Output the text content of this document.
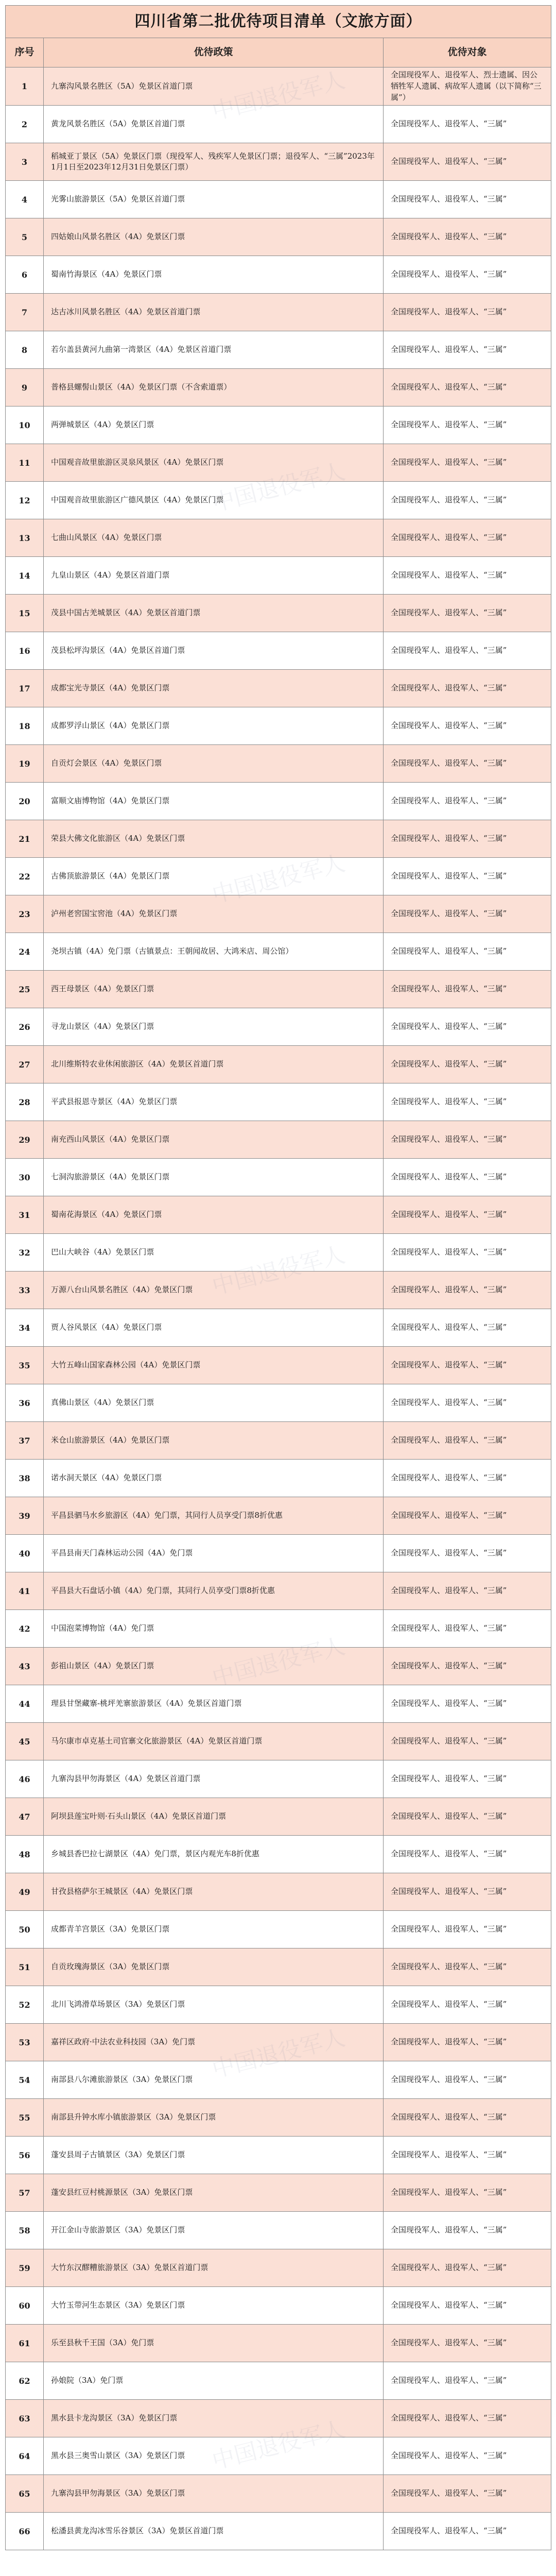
四川省第二批优待项目清单（文旅方面）		
序号	优待政策	优待对象
1	九寨沟风景名胜区（5A）免景区首道门票	全国现役军人、退役军人、烈士遗属、因公牺牲军人遗属、病故军人遗属（以下简称“三属”）
2	黄龙风景名胜区（5A）免景区首道门票	全国现役军人、退役军人、“三属”
3	稻城亚丁景区（5A）免景区门票（现役军人、残疾军人免景区门票；退役军人、“三属”2023年1月1日至2023年12月31日免景区门票）	全国现役军人、退役军人、“三属”
4	光雾山旅游景区（5A）免景区首道门票	全国现役军人、退役军人、“三属”
5	四姑娘山风景名胜区（4A）免景区门票	全国现役军人、退役军人、“三属”
6	蜀南竹海景区（4A）免景区门票	全国现役军人、退役军人、“三属”
7	达古冰川风景名胜区（4A）免景区首道门票	全国现役军人、退役军人、“三属”
8	若尔盖县黄河九曲第一湾景区（4A）免景区首道门票	全国现役军人、退役军人、“三属”
9	普格县螺髻山景区（4A）免景区门票（不含索道票）	全国现役军人、退役军人、“三属”
10	两弹城景区（4A）免景区门票	全国现役军人、退役军人、“三属”
11	中国观音故里旅游区灵泉风景区（4A）免景区门票	全国现役军人、退役军人、“三属”
12	中国观音故里旅游区广德风景区（4A）免景区门票	全国现役军人、退役军人、“三属”
13	七曲山风景区（4A）免景区门票	全国现役军人、退役军人、“三属”
14	九皇山景区（4A）免景区首道门票	全国现役军人、退役军人、“三属”
15	茂县中国古羌城景区（4A）免景区首道门票	全国现役军人、退役军人、“三属”
16	茂县松坪沟景区（4A）免景区首道门票	全国现役军人、退役军人、“三属”
17	成都宝光寺景区（4A）免景区门票	全国现役军人、退役军人、“三属”
18	成都罗浮山景区（4A）免景区门票	全国现役军人、退役军人、“三属”
19	自贡灯会景区（4A）免景区门票	全国现役军人、退役军人、“三属”
20	富顺文庙博物馆（4A）免景区门票	全国现役军人、退役军人、“三属”
21	荣县大佛文化旅游区（4A）免景区门票	全国现役军人、退役军人、“三属”
22	古佛顶旅游景区（4A）免景区门票	全国现役军人、退役军人、“三属”
23	泸州老窖国宝窖池（4A）免景区门票	全国现役军人、退役军人、“三属”
24	尧坝古镇（4A）免门票（古镇景点：王朝闻故居、大鸿米店、周公馆）	全国现役军人、退役军人、“三属”
25	西王母景区（4A）免景区门票	全国现役军人、退役军人、“三属”
26	寻龙山景区（4A）免景区门票	全国现役军人、退役军人、“三属”
27	北川维斯特农业休闲旅游区（4A）免景区首道门票	全国现役军人、退役军人、“三属”
28	平武县报恩寺景区（4A）免景区门票	全国现役军人、退役军人、“三属”
29	南充西山风景区（4A）免景区门票	全国现役军人、退役军人、“三属”
30	七洞沟旅游景区（4A）免景区门票	全国现役军人、退役军人、“三属”
31	蜀南花海景区（4A）免景区门票	全国现役军人、退役军人、“三属”
32	巴山大峡谷（4A）免景区门票	全国现役军人、退役军人、“三属”
33	万源八台山风景名胜区（4A）免景区门票	全国现役军人、退役军人、“三属”
34	贾人谷风景区（4A）免景区门票	全国现役军人、退役军人、“三属”
35	大竹五峰山国家森林公园（4A）免景区门票	全国现役军人、退役军人、“三属”
36	真佛山景区（4A）免景区门票	全国现役军人、退役军人、“三属”
37	米仓山旅游景区（4A）免景区门票	全国现役军人、退役军人、“三属”
38	诺水洞天景区（4A）免景区门票	全国现役军人、退役军人、“三属”
39	平昌县驷马水乡旅游区（4A）免门票，其同行人员享受门票8折优惠	全国现役军人、退役军人、“三属”
40	平昌县南天门森林运动公园（4A）免门票	全国现役军人、退役军人、“三属”
41	平昌县大石盘话小镇（4A）免门票，其同行人员享受门票8折优惠	全国现役军人、退役军人、“三属”
42	中国泡菜博物馆（4A）免门票	全国现役军人、退役军人、“三属”
43	彭祖山景区（4A）免景区门票	全国现役军人、退役军人、“三属”
44	理县甘堡藏寨-桃坪羌寨旅游景区（4A）免景区首道门票	全国现役军人、退役军人、“三属”
45	马尔康市卓克基土司官寨文化旅游景区（4A）免景区首道门票	全国现役军人、退役军人、“三属”
46	九寨沟县甲勿海景区（4A）免景区首道门票	全国现役军人、退役军人、“三属”
47	阿坝县莲宝叶则·石头山景区（4A）免景区首道门票	全国现役军人、退役军人、“三属”
48	乡城县香巴拉七湖景区（4A）免门票，景区内观光车8折优惠	全国现役军人、退役军人、“三属”
49	甘孜县格萨尔王城景区（4A）免景区门票	全国现役军人、退役军人、“三属”
50	成都青羊宫景区（3A）免景区门票	全国现役军人、退役军人、“三属”
51	自贡玫瑰海景区（3A）免景区门票	全国现役军人、退役军人、“三属”
52	北川飞鸿滑草场景区（3A）免景区门票	全国现役军人、退役军人、“三属”
53	嘉祥区政府·中法农业科技园（3A）免门票	全国现役军人、退役军人、“三属”
54	南部县八尔滩旅游景区（3A）免景区门票	全国现役军人、退役军人、“三属”
55	南部县升钟水库小镇旅游景区（3A）免景区门票	全国现役军人、退役军人、“三属”
56	蓬安县周子古镇景区（3A）免景区门票	全国现役军人、退役军人、“三属”
57	蓬安县红豆村桃源景区（3A）免景区门票	全国现役军人、退役军人、“三属”
58	开江金山寺旅游景区（3A）免景区门票	全国现役军人、退役军人、“三属”
59	大竹东汉醪糟旅游景区（3A）免景区首道门票	全国现役军人、退役军人、“三属”
60	大竹玉带河生态景区（3A）免景区门票	全国现役军人、退役军人、“三属”
61	乐至县秋千王国（3A）免门票	全国现役军人、退役军人、“三属”
62	孙娘院（3A）免门票	全国现役军人、退役军人、“三属”
63	黑水县卡龙沟景区（3A）免景区门票	全国现役军人、退役军人、“三属”
64	黑水县三奥雪山景区（3A）免景区门票	全国现役军人、退役军人、“三属”
65	九寨沟县甲勿海景区（3A）免景区门票	全国现役军人、退役军人、“三属”
66	松潘县黄龙沟冰雪乐谷景区（3A）免景区首道门票	全国现役军人、退役军人、“三属”
